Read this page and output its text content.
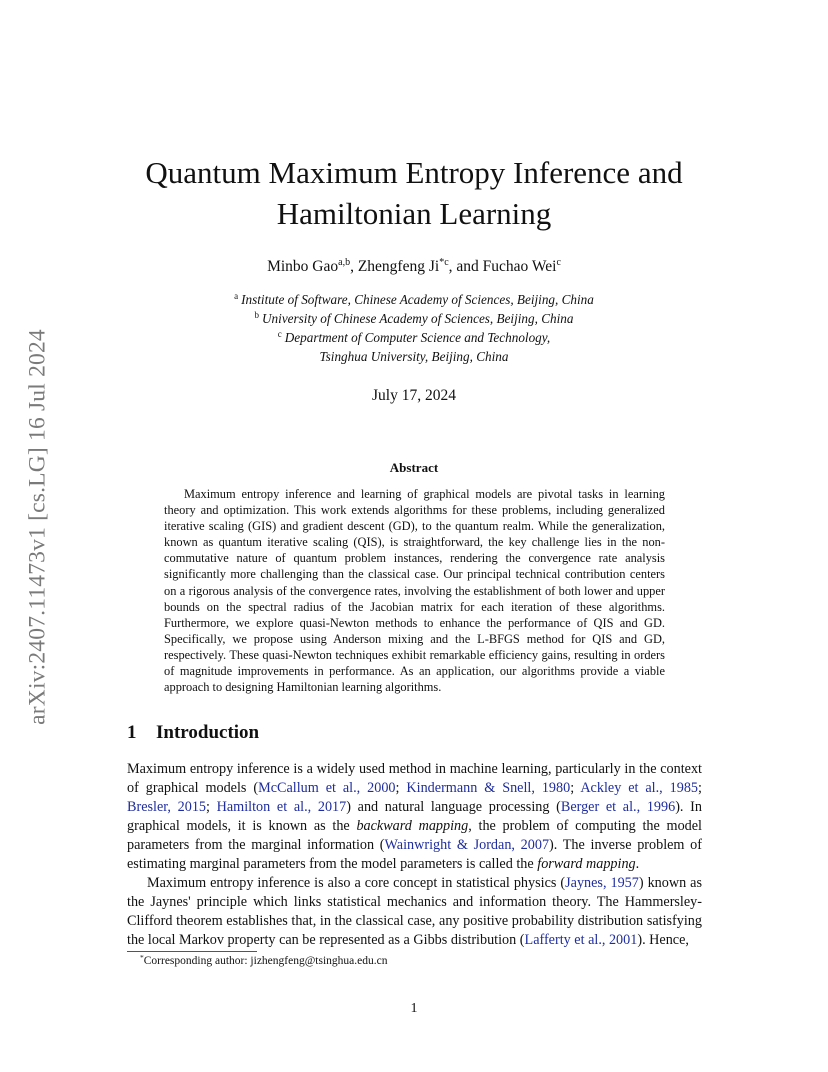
arXiv:2407.11473v1 [cs.LG] 16 Jul 2024
Quantum Maximum Entropy Inference and Hamiltonian Learning
Minbo Gao$^{a,b}$, Zhengfeng Ji$^{*c}$, and Fuchao Wei$^c$
$^a$ Institute of Software, Chinese Academy of Sciences, Beijing, China
$^b$ University of Chinese Academy of Sciences, Beijing, China
$^c$ Department of Computer Science and Technology,
Tsinghua University, Beijing, China
July 17, 2024
Abstract

Maximum entropy inference and learning of graphical models are pivotal tasks in learning theory and optimization. This work extends algorithms for these problems, including generalized iterative scaling (GIS) and gradient descent (GD), to the quantum realm. While the generalization, known as quantum iterative scaling (QIS), is straightforward, the key challenge lies in the non-commutative nature of quantum problem instances, rendering the convergence rate analysis significantly more challenging than the classical case. Our principal technical contribution centers on a rigorous analysis of the convergence rates, involving the establishment of both lower and upper bounds on the spectral radius of the Jacobian matrix for each iteration of these algorithms. Furthermore, we explore quasi-Newton methods to enhance the performance of QIS and GD. Specifically, we propose using Anderson mixing and the L-BFGS method for QIS and GD, respectively. These quasi-Newton techniques exhibit remarkable efficiency gains, resulting in orders of magnitude improvements in performance. As an application, our algorithms provide a viable approach to designing Hamiltonian learning algorithms.

1 Introduction

Maximum entropy inference is a widely used method in machine learning, particularly in the context of graphical models (McCallum et al., 2000; Kindermann & Snell, 1980; Ackley et al., 1985; Bresler, 2015; Hamilton et al., 2017) and natural language processing (Berger et al., 1996). In graphical models, it is known as the backward mapping, the problem of computing the model parameters from the marginal information (Wainwright & Jordan, 2007). The inverse problem of estimating marginal parameters from the model parameters is called the forward mapping.

Maximum entropy inference is also a core concept in statistical physics (Jaynes, 1957) known as the Jaynes' principle which links statistical mechanics and information theory. The Hammersley-Clifford theorem establishes that, in the classical case, any positive probability distribution satisfying the local Markov property can be represented as a Gibbs distribution (Lafferty et al., 2001). Hence,

*Corresponding author: jizhengfeng@tsinghua.edu.cn
1
